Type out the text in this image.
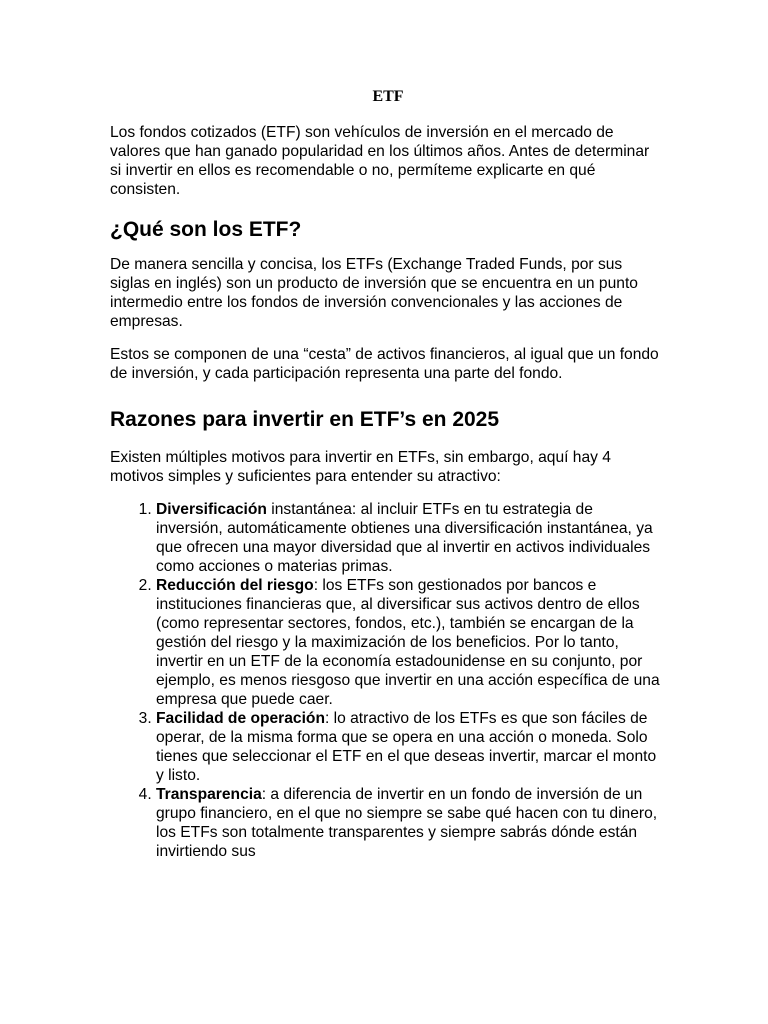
ETF

Los fondos cotizados (ETF) son vehículos de inversión en el mercado de valores que han ganado popularidad en los últimos años. Antes de determinar si invertir en ellos es recomendable o no, permíteme explicarte en qué consisten.

¿Qué son los ETF?

De manera sencilla y concisa, los ETFs (Exchange Traded Funds, por sus siglas en inglés) son un producto de inversión que se encuentra en un punto intermedio entre los fondos de inversión convencionales y las acciones de empresas.

Estos se componen de una “cesta” de activos financieros, al igual que un fondo de inversión, y cada participación representa una parte del fondo.

Razones para invertir en ETF’s en 2025

Existen múltiples motivos para invertir en ETFs, sin embargo, aquí hay 4 motivos simples y suficientes para entender su atractivo:

1. Diversificación instantánea: al incluir ETFs en tu estrategia de inversión, automáticamente obtienes una diversificación instantánea, ya que ofrecen una mayor diversidad que al invertir en activos individuales como acciones o materias primas.
2. Reducción del riesgo: los ETFs son gestionados por bancos e instituciones financieras que, al diversificar sus activos dentro de ellos (como representar sectores, fondos, etc.), también se encargan de la gestión del riesgo y la maximización de los beneficios. Por lo tanto, invertir en un ETF de la economía estadounidense en su conjunto, por ejemplo, es menos riesgoso que invertir en una acción específica de una empresa que puede caer.
3. Facilidad de operación: lo atractivo de los ETFs es que son fáciles de operar, de la misma forma que se opera en una acción o moneda. Solo tienes que seleccionar el ETF en el que deseas invertir, marcar el monto y listo.
4. Transparencia: a diferencia de invertir en un fondo de inversión de un grupo financiero, en el que no siempre se sabe qué hacen con tu dinero, los ETFs son totalmente transparentes y siempre sabrás dónde están invirtiendo sus
